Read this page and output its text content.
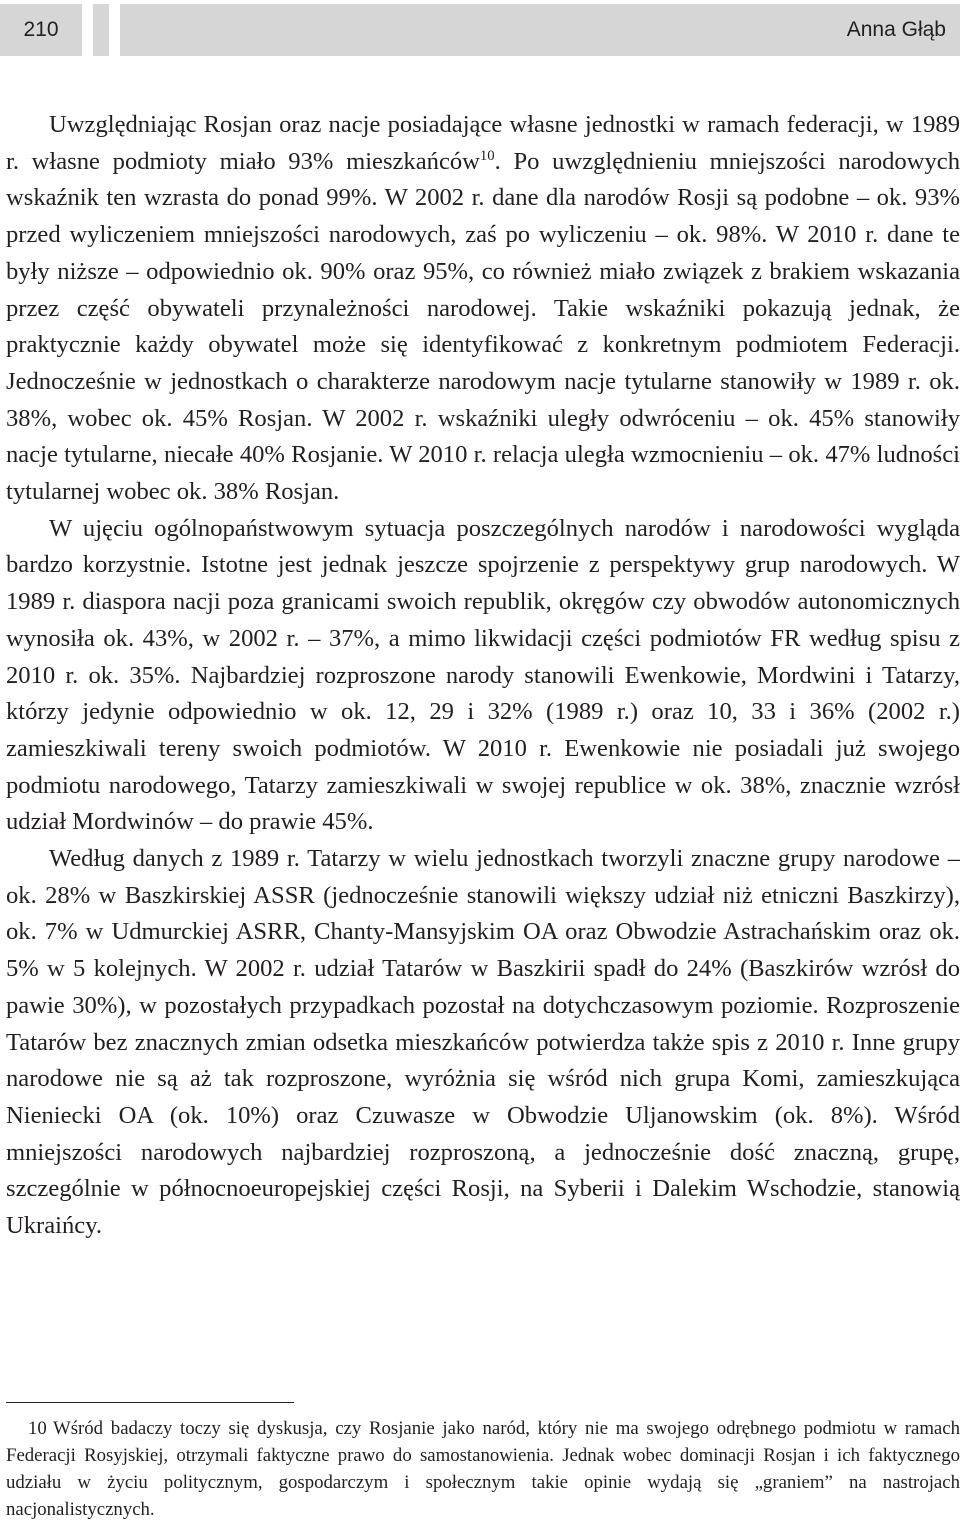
210	Anna Głąb

Uwzględniając Rosjan oraz nacje posiadające własne jednostki w ramach federacji, w 1989 r. własne podmioty miało 93% mieszkańców$^{10}$. Po uwzględnieniu mniejszości narodowych wskaźnik ten wzrasta do ponad 99%. W 2002 r. dane dla narodów Rosji są podobne – ok. 93% przed wyliczeniem mniejszości narodowych, zaś po wyliczeniu – ok. 98%. W 2010 r. dane te były niższe – odpowiednio ok. 90% oraz 95%, co również miało związek z brakiem wskazania przez część obywateli przynależności narodowej. Takie wskaźniki pokazują jednak, że praktycznie każdy obywatel może się identyfikować z konkretnym podmiotem Federacji. Jednocześnie w jednostkach o charakterze narodowym nacje tytularne stanowiły w 1989 r. ok. 38%, wobec ok. 45% Rosjan. W 2002 r. wskaźniki uległy odwróceniu – ok. 45% stanowiły nacje tytularne, niecałe 40% Rosjanie. W 2010 r. relacja uległa wzmocnieniu – ok. 47% ludności tytularnej wobec ok. 38% Rosjan.

W ujęciu ogólnopaństwowym sytuacja poszczególnych narodów i narodowości wygląda bardzo korzystnie. Istotne jest jednak jeszcze spojrzenie z perspektywy grup narodowych. W 1989 r. diaspora nacji poza granicami swoich republik, okręgów czy obwodów autonomicznych wynosiła ok. 43%, w 2002 r. – 37%, a mimo likwidacji części podmiotów FR według spisu z 2010 r. ok. 35%. Najbardziej rozproszone narody stanowili Ewenkowie, Mordwini i Tatarzy, którzy jedynie odpowiednio w ok. 12, 29 i 32% (1989 r.) oraz 10, 33 i 36% (2002 r.) zamieszkiwali tereny swoich podmiotów. W 2010 r. Ewenkowie nie posiadali już swojego podmiotu narodowego, Tatarzy zamieszkiwali w swojej republice w ok. 38%, znacznie wzrósł udział Mordwinów – do prawie 45%.

Według danych z 1989 r. Tatarzy w wielu jednostkach tworzyli znaczne grupy narodowe – ok. 28% w Baszkirskiej ASSR (jednocześnie stanowili większy udział niż etniczni Baszkirzy), ok. 7% w Udmurckiej ASRR, Chanty-Mansyjskim OA oraz Obwodzie Astrachańskim oraz ok. 5% w 5 kolejnych. W 2002 r. udział Tatarów w Baszkirii spadł do 24% (Baszkirów wzrósł do pawie 30%), w pozostałych przypadkach pozostał na dotychczasowym poziomie. Rozproszenie Tatarów bez znacznych zmian odsetka mieszkańców potwierdza także spis z 2010 r. Inne grupy narodowe nie są aż tak rozproszone, wyróżnia się wśród nich grupa Komi, zamieszkująca Nieniecki OA (ok. 10%) oraz Czuwasze w Obwodzie Uljanowskim (ok. 8%). Wśród mniejszości narodowych najbardziej rozproszoną, a jednocześnie dość znaczną, grupę, szczególnie w północnoeuropejskiej części Rosji, na Syberii i Dalekim Wschodzie, stanowią Ukraińcy.

10 Wśród badaczy toczy się dyskusja, czy Rosjanie jako naród, który nie ma swojego odrębnego podmiotu w ramach Federacji Rosyjskiej, otrzymali faktyczne prawo do samostanowienia. Jednak wobec dominacji Rosjan i ich faktycznego udziału w życiu politycznym, gospodarczym i społecznym takie opinie wydają się „graniem” na nastrojach nacjonalistycznych.
